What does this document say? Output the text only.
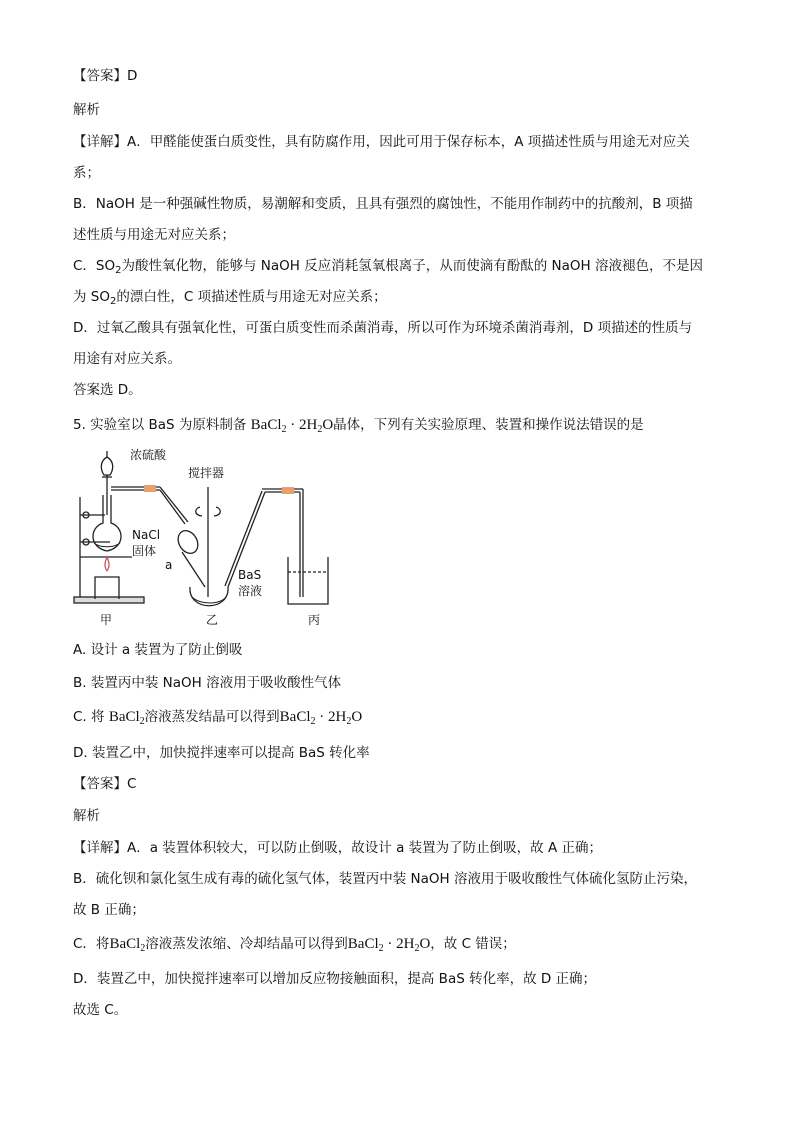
【答案】D
解析
【详解】A．甲醛能使蛋白质变性，具有防腐作用，因此可用于保存标本，A 项描述性质与用途无对应关
系；
B．NaOH 是一种强碱性物质，易潮解和变质，且具有强烈的腐蚀性，不能用作制药中的抗酸剂，B 项描
述性质与用途无对应关系；
C．$SO_2$为酸性氧化物，能够与 NaOH 反应消耗氢氧根离子，从而使滴有酚酞的 NaOH 溶液褪色，不是因
为 $SO_2$的漂白性，C 项描述性质与用途无对应关系；
D．过氧乙酸具有强氧化性，可蛋白质变性而杀菌消毒，所以可作为环境杀菌消毒剂，D 项描述的性质与
用途有对应关系。
答案选 D。
5. 实验室以 BaS 为原料制备 BaCl$_2$ · $2H_2O$晶体，下列有关实验原理、装置和操作说法错误的是
浓硫酸
搅拌器
NaCl
固体
a
BaS
溶液
甲	乙	丙
A. 设计 a 装置为了防止倒吸
B. 装置丙中装 NaOH 溶液用于吸收酸性气体
C. 将 BaCl$_2$溶液蒸发结晶可以得到BaCl$_2$ · $2H_2O$
D. 装置乙中，加快搅拌速率可以提高 BaS 转化率
【答案】C
解析
【详解】A．a 装置体积较大，可以防止倒吸，故设计 a 装置为了防止倒吸，故 A 正确；
B．硫化钡和氯化氢生成有毒的硫化氢气体，装置丙中装 NaOH 溶液用于吸收酸性气体硫化氢防止污染，
故 B 正确；
C．将BaCl$_2$溶液蒸发浓缩、冷却结晶可以得到BaCl$_2$ · $2H_2O$，故 C 错误；
D．装置乙中，加快搅拌速率可以增加反应物接触面积，提高 BaS 转化率，故 D 正确；
故选 C。
